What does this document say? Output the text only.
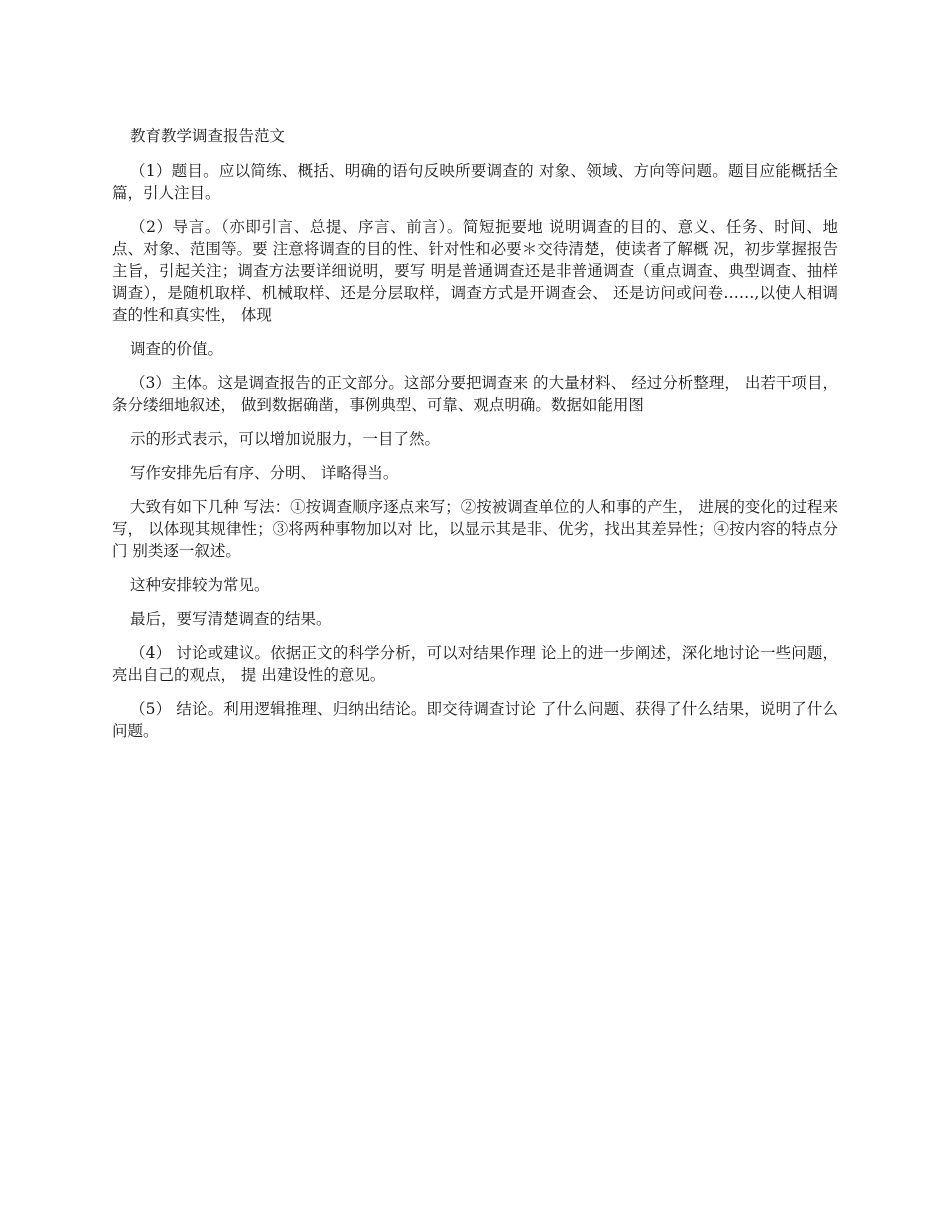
教育教学调查报告范文

（1）题目。应以简练、概括、明确的语句反映所要调查的 对象、领域、方向等问题。题目应能概括全篇，引人注目。

（2）导言。（亦即引言、总提、序言、前言）。简短扼要地 说明调查的目的、意义、任务、时间、地点、对象、范围等。要 注意将调查的目的性、针对性和必要＊交待清楚，使读者了解概 况，初步掌握报告主旨，引起关注；调查方法要详细说明，要写 明是普通调查还是非普通调查（重点调查、典型调查、抽样调查），是随机取样、机械取样、还是分层取样，调查方式是开调查会、 还是访问或问卷……,以使人相调查的性和真实性， 体现

调查的价值。

（3）主体。这是调查报告的正文部分。这部分要把调查来 的大量材料、 经过分析整理， 出若干项目， 条分缕细地叙述， 做到数据确凿，事例典型、可靠、观点明确。数据如能用图

示的形式表示，可以增加说服力，一目了然。

写作安排先后有序、分明、 详略得当。

大致有如下几种 写法：①按调查顺序逐点来写；②按被调查单位的人和事的产生， 进展的变化的过程来写， 以体现其规律性；③将两种事物加以对 比，以显示其是非、优劣，找出其差异性；④按内容的特点分门 别类逐一叙述。

这种安排较为常见。

最后，要写清楚调查的结果。

（4） 讨论或建议。依据正文的科学分析，可以对结果作理 论上的进一步阐述，深化地讨论一些问题， 亮出自己的观点， 提 出建设性的意见。

（5） 结论。利用逻辑推理、归纳出结论。即交待调查讨论 了什么问题、获得了什么结果，说明了什么问题。
